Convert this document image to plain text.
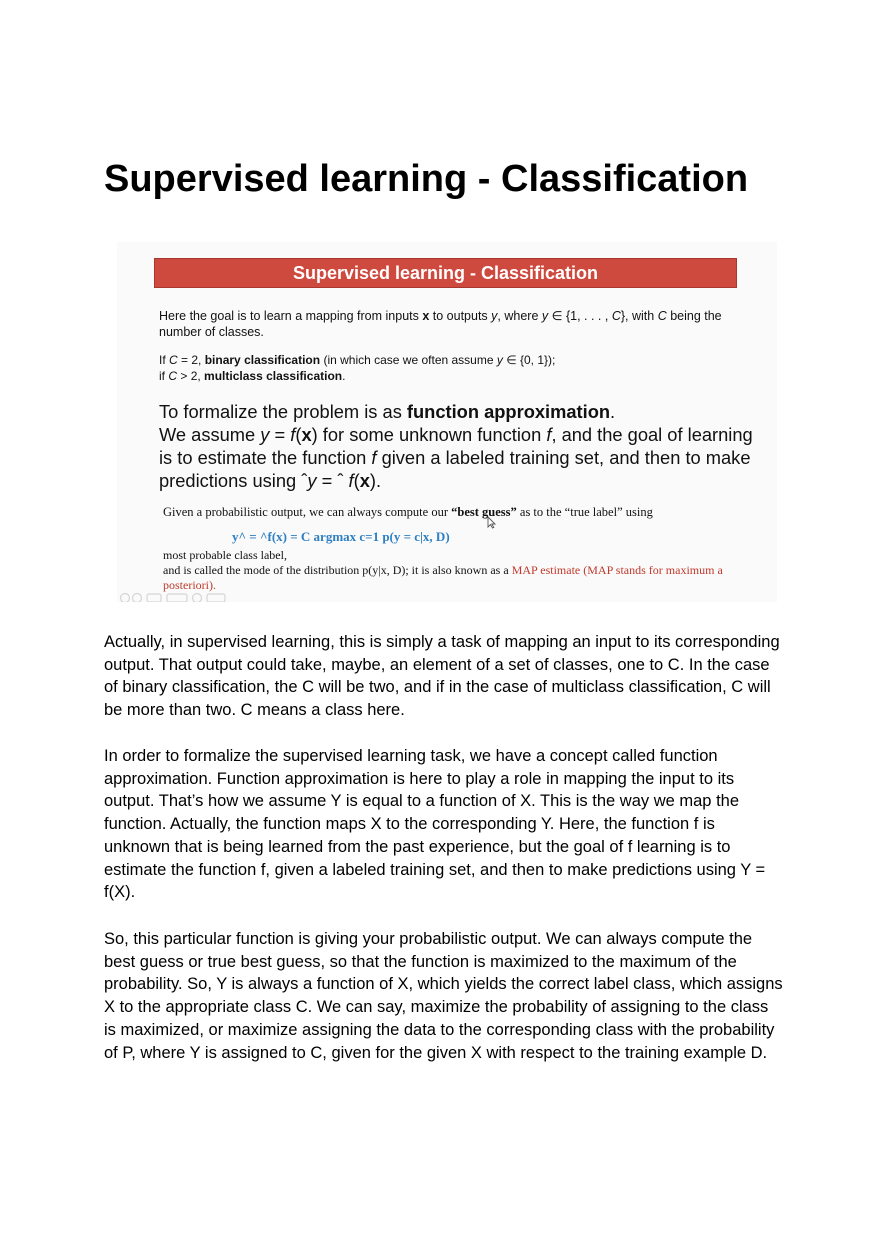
Supervised learning - Classification
Supervised learning - Classification

Here the goal is to learn a mapping from inputs x to outputs y, where y ∈ {1, . . . , C}, with C being the number of classes.

If C = 2, binary classification (in which case we often assume y ∈ {0, 1});
if C > 2, multiclass classification.

To formalize the problem is as function approximation.
We assume y = f(x) for some unknown function f, and the goal of learning is to estimate the function f given a labeled training set, and then to make predictions using ˆy = ˆ f(x).

Given a probabilistic output, we can always compute our “best guess” as to the “true label” using

y^ = ^f(x) = C argmax c=1 p(y = c|x, D)

most probable class label,
and is called the mode of the distribution p(y|x, D); it is also known as a MAP estimate (MAP stands for maximum a posteriori).

Actually, in supervised learning, this is simply a task of mapping an input to its corresponding output. That output could take, maybe, an element of a set of classes, one to C. In the case of binary classification, the C will be two, and if in the case of multiclass classification, C will be more than two. C means a class here.

In order to formalize the supervised learning task, we have a concept called function approximation. Function approximation is here to play a role in mapping the input to its output. That’s how we assume Y is equal to a function of X. This is the way we map the function. Actually, the function maps X to the corresponding Y. Here, the function f is unknown that is being learned from the past experience, but the goal of f learning is to estimate the function f, given a labeled training set, and then to make predictions using Y = f(X).

So, this particular function is giving your probabilistic output. We can always compute the best guess or true best guess, so that the function is maximized to the maximum of the probability. So, Y is always a function of X, which yields the correct label class, which assigns X to the appropriate class C. We can say, maximize the probability of assigning to the class is maximized, or maximize assigning the data to the corresponding class with the probability of P, where Y is assigned to C, given for the given X with respect to the training example D.
